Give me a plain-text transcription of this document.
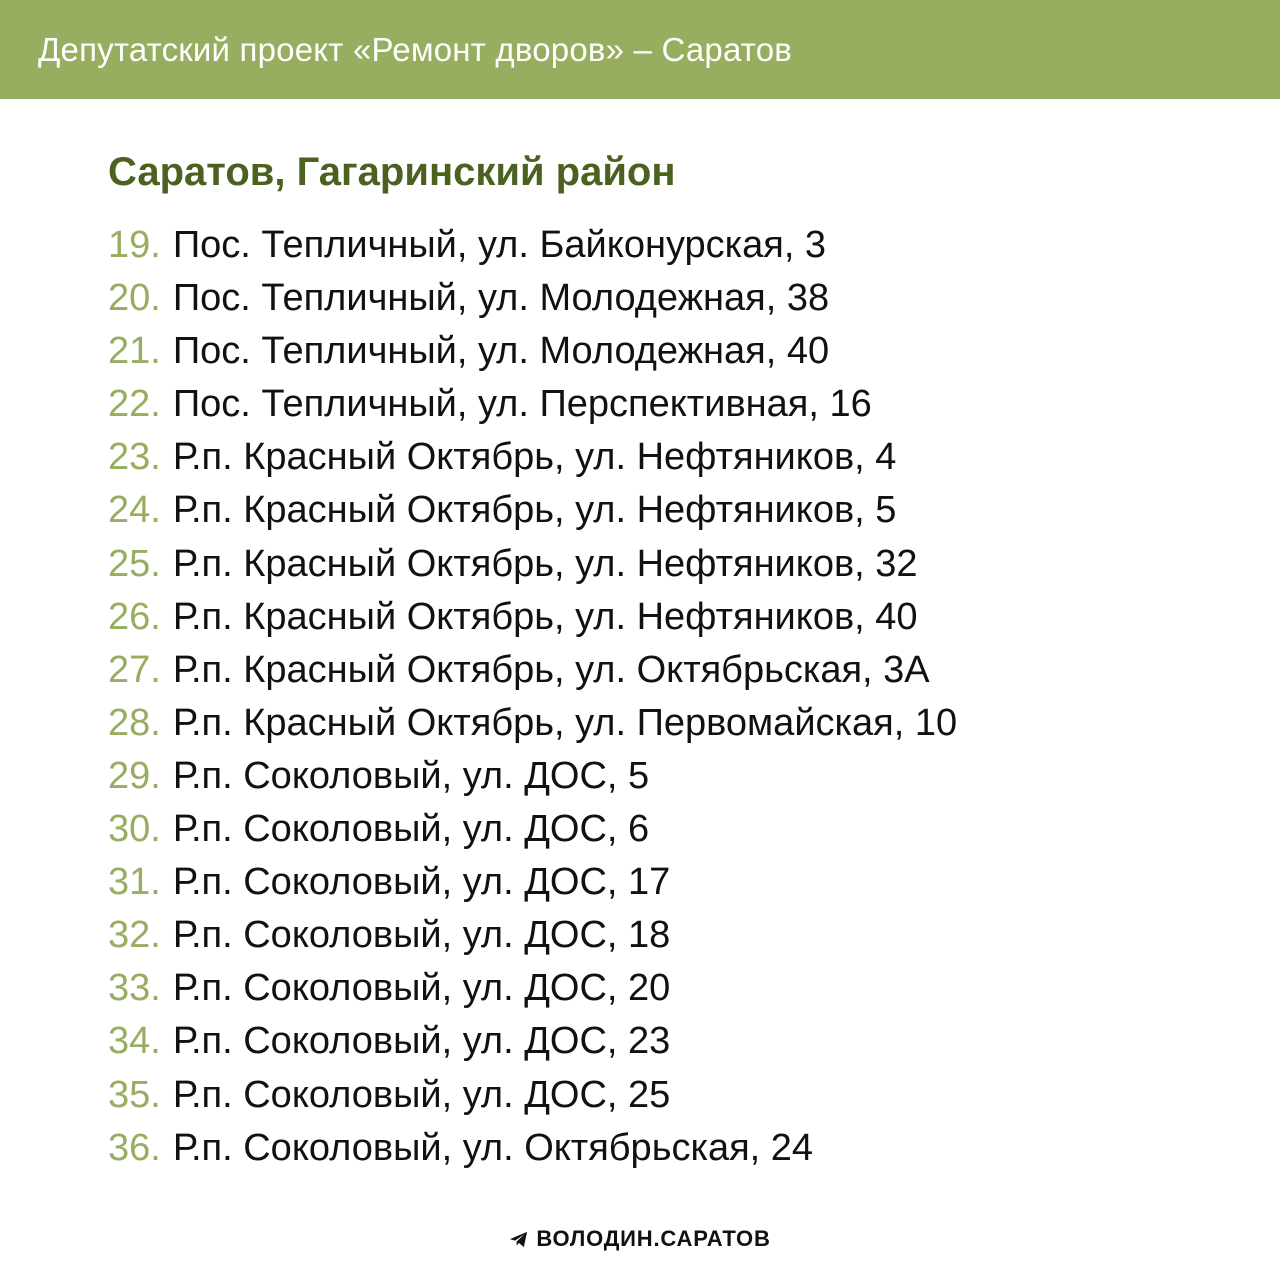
Депутатский проект «Ремонт дворов» – Саратов
Саратов, Гагаринский район
19. Пос. Тепличный, ул. Байконурская, 3
20. Пос. Тепличный, ул. Молодежная, 38
21. Пос. Тепличный, ул. Молодежная, 40
22. Пос. Тепличный, ул. Перспективная, 16
23. Р.п. Красный Октябрь, ул. Нефтяников, 4
24. Р.п. Красный Октябрь, ул. Нефтяников, 5
25. Р.п. Красный Октябрь, ул. Нефтяников, 32
26. Р.п. Красный Октябрь, ул. Нефтяников, 40
27. Р.п. Красный Октябрь, ул. Октябрьская, 3А
28. Р.п. Красный Октябрь, ул. Первомайская, 10
29. Р.п. Соколовый, ул. ДОС, 5
30. Р.п. Соколовый, ул. ДОС, 6
31. Р.п. Соколовый, ул. ДОС, 17
32. Р.п. Соколовый, ул. ДОС, 18
33. Р.п. Соколовый, ул. ДОС, 20
34. Р.п. Соколовый, ул. ДОС, 23
35. Р.п. Соколовый, ул. ДОС, 25
36. Р.п. Соколовый, ул. Октябрьская, 24
ВОЛОДИН.САРАТОВ
